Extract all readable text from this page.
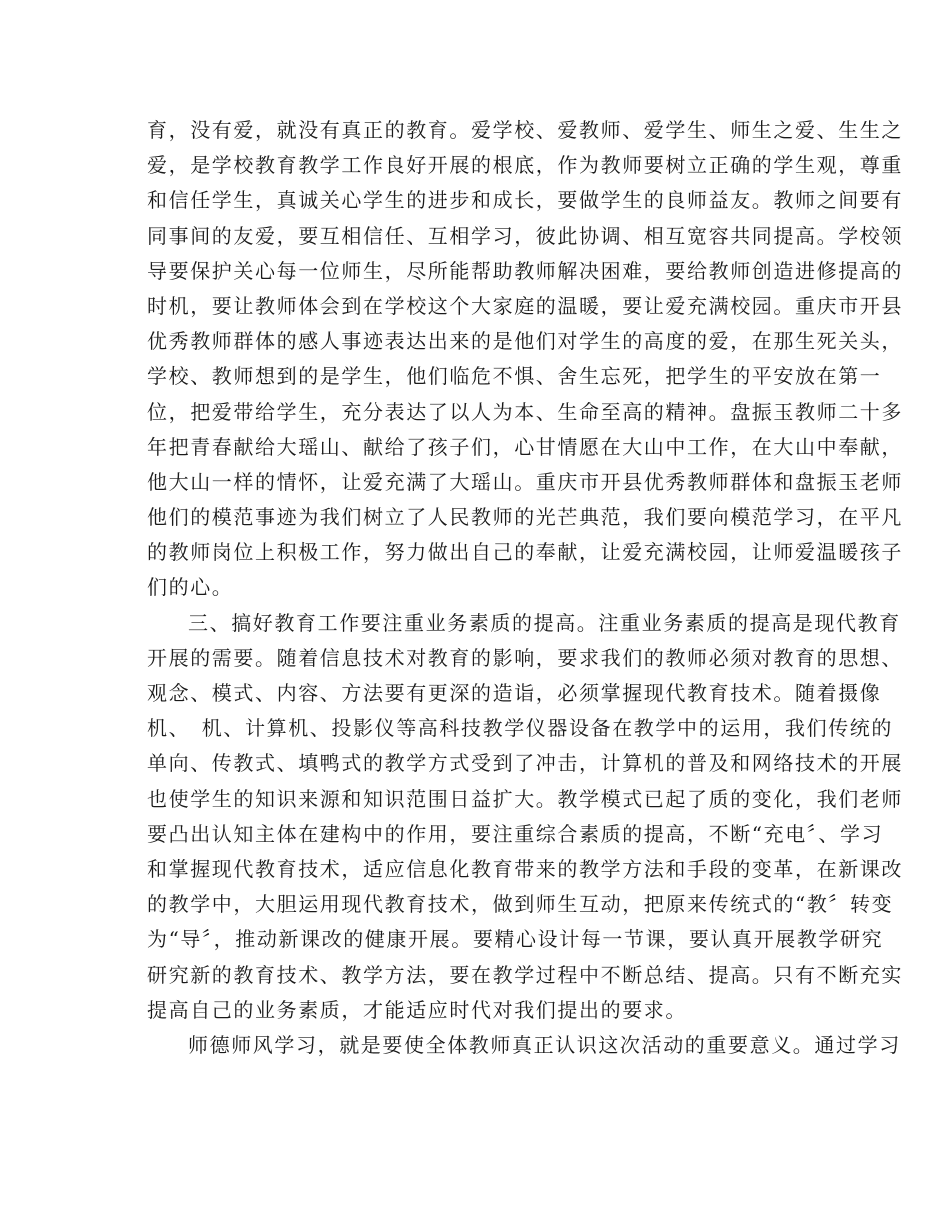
育，没有爱，就没有真正的教育。爱学校、爱教师、爱学生、师生之爱、生生之
爱，是学校教育教学工作良好开展的根底，作为教师要树立正确的学生观，尊重
和信任学生，真诚关心学生的进步和成长，要做学生的良师益友。教师之间要有
同事间的友爱，要互相信任、互相学习，彼此协调、相互宽容共同提高。学校领
导要保护关心每一位师生，尽所能帮助教师解决困难，要给教师创造进修提高的
时机，要让教师体会到在学校这个大家庭的温暖，要让爱充满校园。重庆市开县
优秀教师群体的感人事迹表达出来的是他们对学生的高度的爱，在那生死关头，
学校、教师想到的是学生，他们临危不惧、舍生忘死，把学生的平安放在第一
位，把爱带给学生，充分表达了以人为本、生命至高的精神。盘振玉教师二十多
年把青春献给大瑶山、献给了孩子们，心甘情愿在大山中工作，在大山中奉献，
他大山一样的情怀，让爱充满了大瑶山。重庆市开县优秀教师群体和盘振玉老师
他们的模范事迹为我们树立了人民教师的光芒典范，我们要向模范学习，在平凡
的教师岗位上积极工作，努力做出自己的奉献，让爱充满校园，让师爱温暖孩子
们的心。
三、搞好教育工作要注重业务素质的提高。注重业务素质的提高是现代教育
开展的需要。随着信息技术对教育的影响，要求我们的教师必须对教育的思想、
观念、模式、内容、方法要有更深的造诣，必须掌握现代教育技术。随着摄像
机、　机、计算机、投影仪等高科技教学仪器设备在教学中的运用，我们传统的
单向、传教式、填鸭式的教学方式受到了冲击，计算机的普及和网络技术的开展
也使学生的知识来源和知识范围日益扩大。教学模式已起了质的变化，我们老师
要凸出认知主体在建构中的作用，要注重综合素质的提高，不断“充电〞、学习
和掌握现代教育技术，适应信息化教育带来的教学方法和手段的变革，在新课改
的教学中，大胆运用现代教育技术，做到师生互动，把原来传统式的“教〞转变
为“导〞，推动新课改的健康开展。要精心设计每一节课，要认真开展教学研究
研究新的教育技术、教学方法，要在教学过程中不断总结、提高。只有不断充实
提高自己的业务素质，才能适应时代对我们提出的要求。
师德师风学习，就是要使全体教师真正认识这次活动的重要意义。通过学习
